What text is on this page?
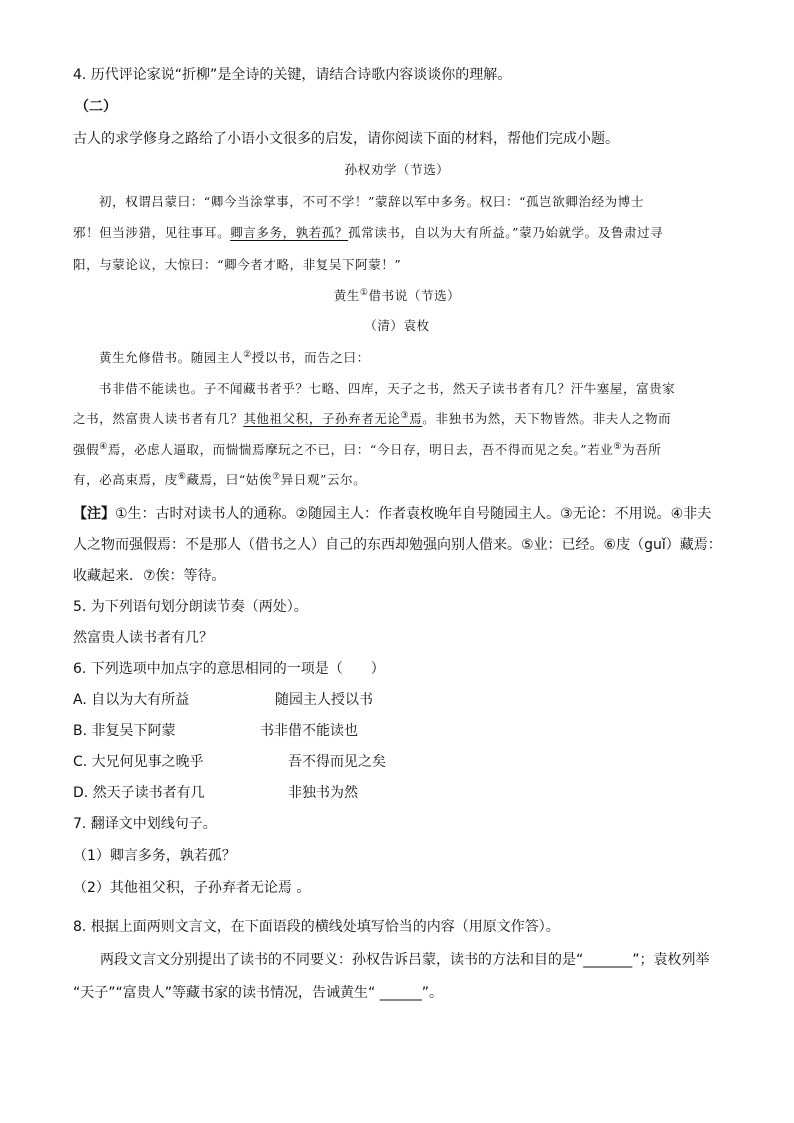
4. 历代评论家说“折柳”是全诗的关键，请结合诗歌内容谈谈你的理解。
（二）
古人的求学修身之路给了小语小文很多的启发，请你阅读下面的材料，帮他们完成小题。
孙权劝学（节选）
初，权谓吕蒙曰：“卿今当涂掌事，不可不学！”蒙辞以军中多务。权曰：“孤岂欲卿治经为博士
邪！但当涉猎，见往事耳。卿言多务，孰若孤？孤常读书，自以为大有所益。”蒙乃始就学。及鲁肃过寻
阳，与蒙论议，大惊曰：“卿今者才略，非复吴下阿蒙！”
黄生①借书说（节选）
（清）袁枚
黄生允修借书。随园主人②授以书，而告之曰：
书非借不能读也。子不闻藏书者乎？七略、四库，天子之书，然天子读书者有几？汗牛塞屋，富贵家
之书，然富贵人读书者有几？其他祖父积，子孙弃者无论③焉。非独书为然，天下物皆然。非夫人之物而
强假④焉，必虑人逼取，而惴惴焉摩玩之不已，曰：“今日存，明日去，吾不得而见之矣。”若业⑤为吾所
有，必高束焉，庋⑥藏焉，曰“姑俟⑦异日观”云尔。
【注】①生：古时对读书人的通称。②随园主人：作者袁枚晚年自号随园主人。③无论：不用说。④非夫
人之物而强假焉：不是那人（借书之人）自己的东西却勉强向别人借来。⑤业：已经。⑥庋（guǐ）藏焉：
收藏起来．⑦俟：等待。
5. 为下列语句划分朗读节奏（两处）。
然富贵人读书者有几？
6. 下列选项中加点字的意思相同的一项是（　　）
A. 自以为大有所益	随园主人授以书
B. 非复吴下阿蒙	书非借不能读也
C. 大兄何见事之晚乎	吾不得而见之矣
D. 然天子读书者有几	非独书为然
7. 翻译文中划线句子。
（1）卿言多务，孰若孤？
（2）其他祖父积，子孙弃者无论焉 。
8. 根据上面两则文言文，在下面语段的横线处填写恰当的内容（用原文作答）。
两段文言文分别提出了读书的不同要义：孙权告诉吕蒙，读书的方法和目的是“_______”；袁枚列举
“天子”“富贵人”等藏书家的读书情况，告诫黄生“ ______”。
